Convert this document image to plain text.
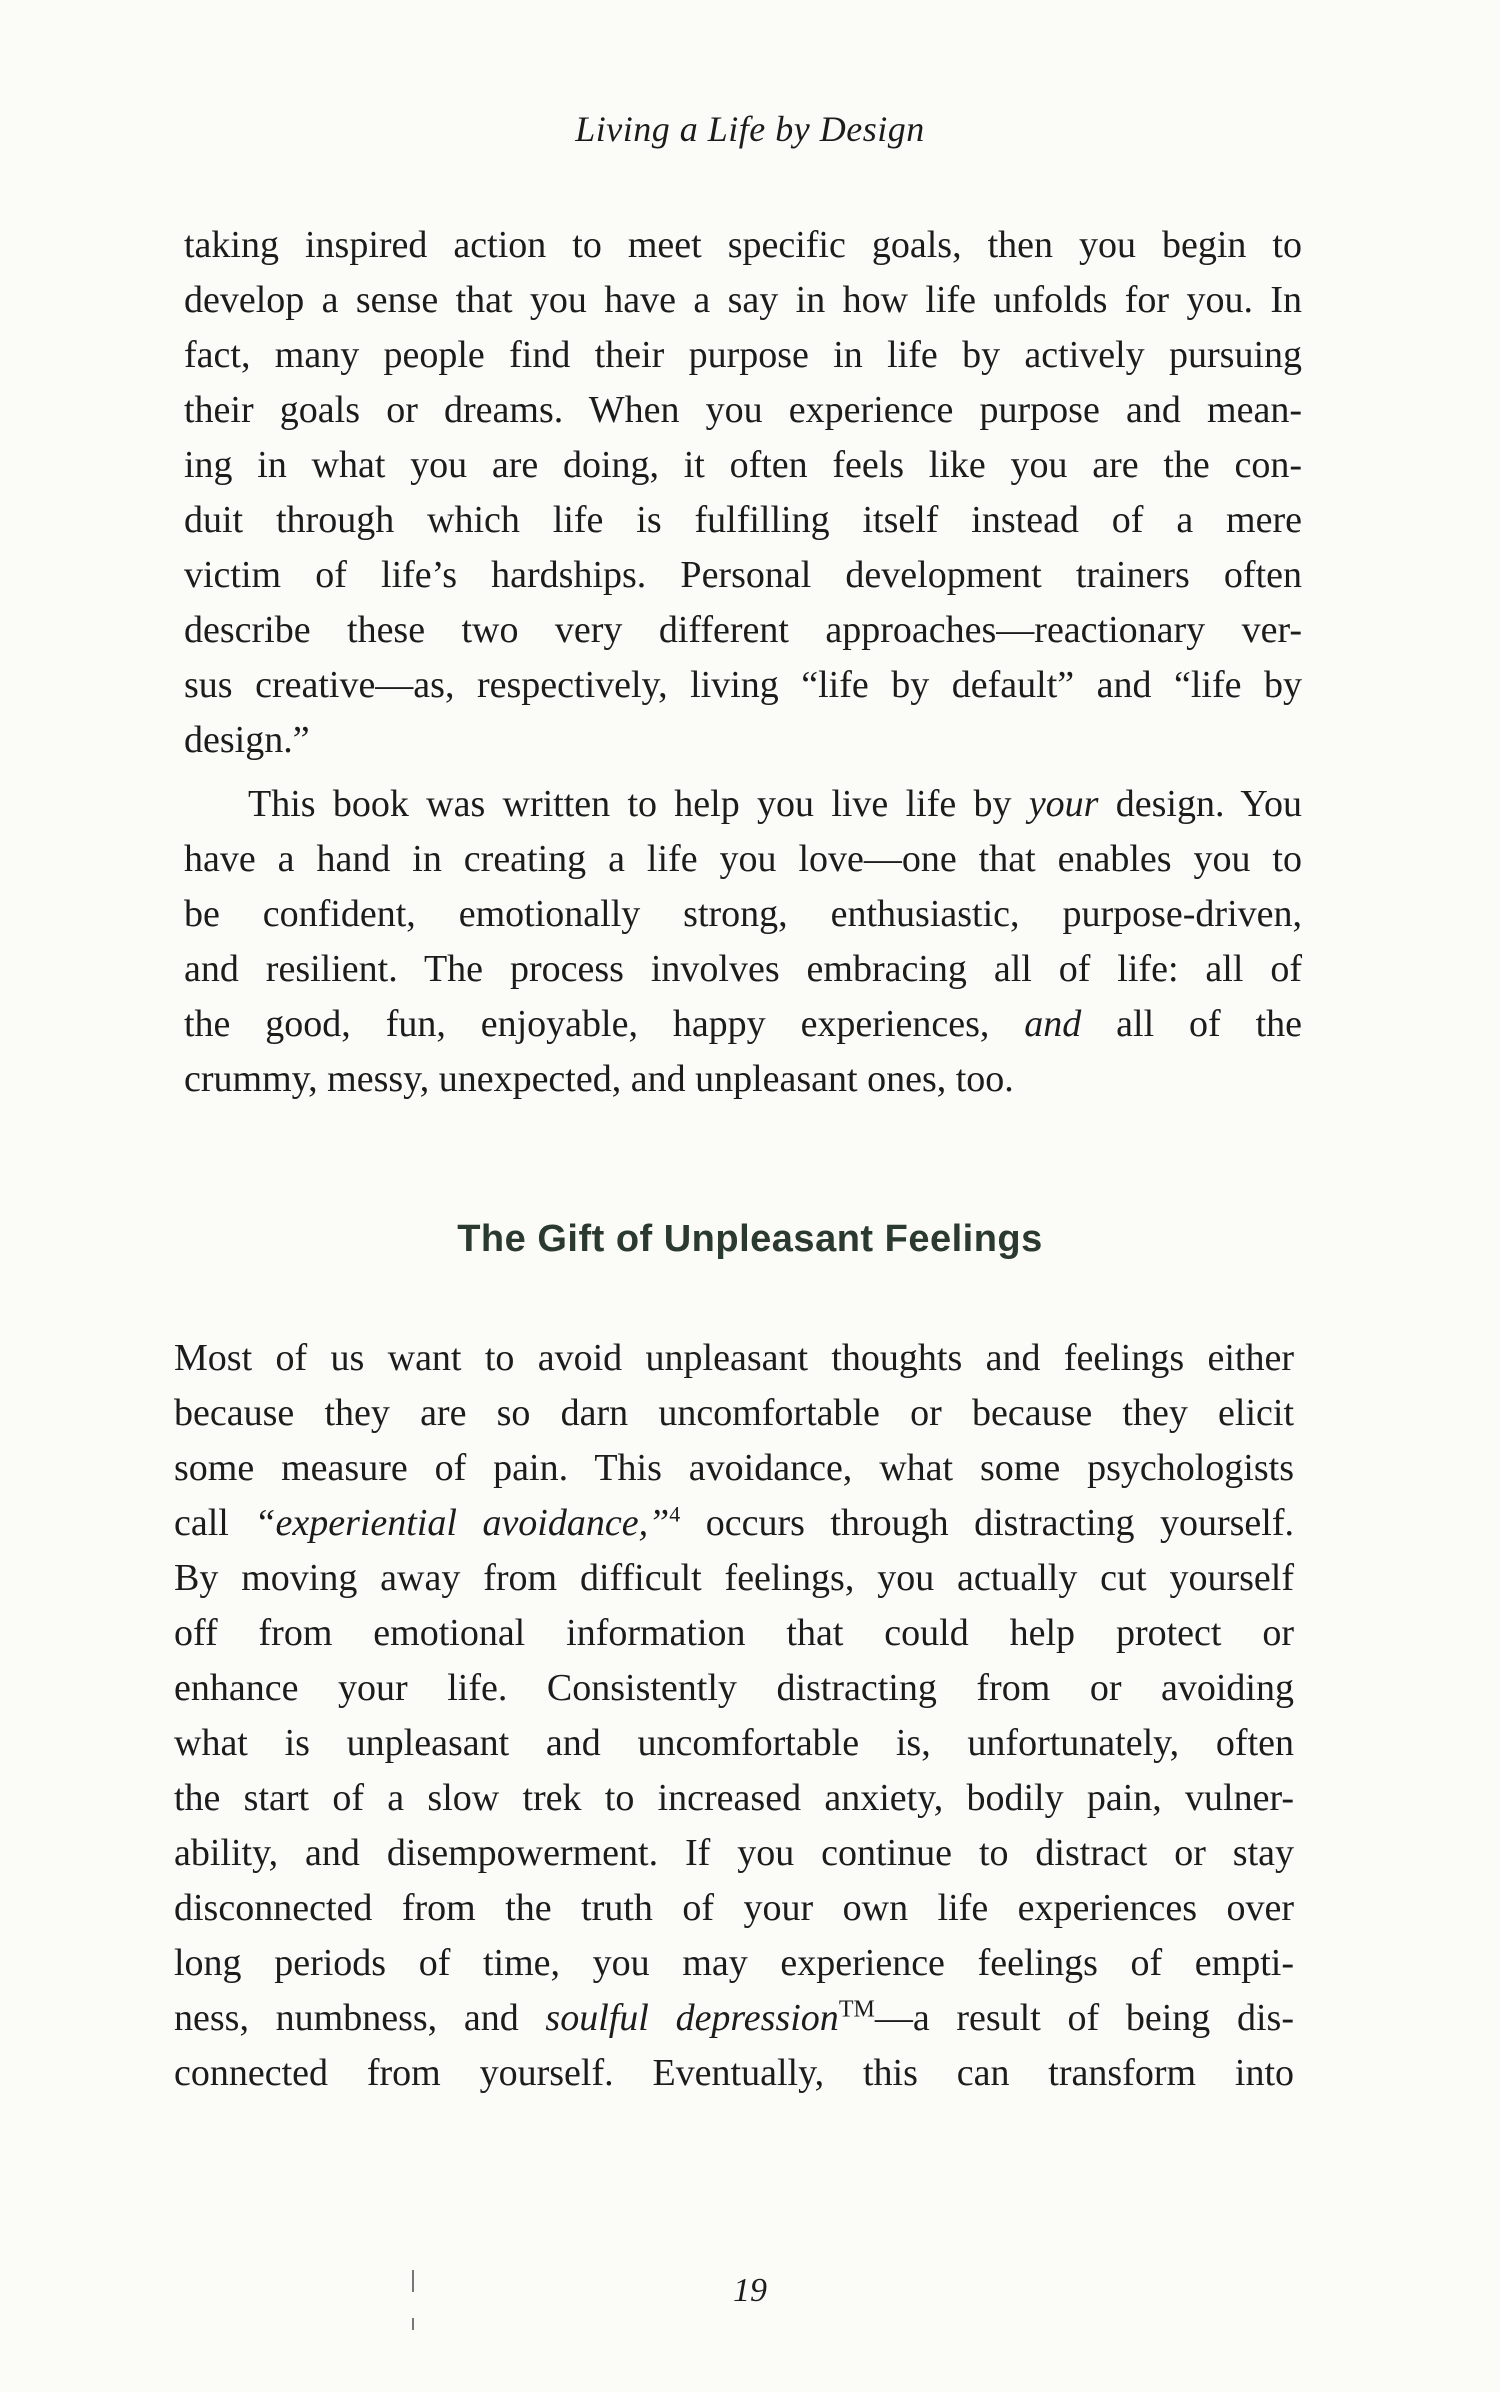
Living a Life by Design
taking inspired action to meet specific goals, then you begin to
develop a sense that you have a say in how life unfolds for you. In
fact, many people find their purpose in life by actively pursuing
their goals or dreams. When you experience purpose and mean-
ing in what you are doing, it often feels like you are the con-
duit through which life is fulfilling itself instead of a mere
victim of life’s hardships. Personal development trainers often
describe these two very different approaches—reactionary ver-
sus creative—as, respectively, living “life by default” and “life by
design.”
This book was written to help you live life by your design. You
have a hand in creating a life you love—one that enables you to
be confident, emotionally strong, enthusiastic, purpose-driven,
and resilient. The process involves embracing all of life: all of
the good, fun, enjoyable, happy experiences, and all of the
crummy, messy, unexpected, and unpleasant ones, too.
The Gift of Unpleasant Feelings
Most of us want to avoid unpleasant thoughts and feelings either
because they are so darn uncomfortable or because they elicit
some measure of pain. This avoidance, what some psychologists
call “experiential avoidance,”$^4$ occurs through distracting yourself.
By moving away from difficult feelings, you actually cut yourself
off from emotional information that could help protect or
enhance your life. Consistently distracting from or avoiding
what is unpleasant and uncomfortable is, unfortunately, often
the start of a slow trek to increased anxiety, bodily pain, vulner-
ability, and disempowerment. If you continue to distract or stay
disconnected from the truth of your own life experiences over
long periods of time, you may experience feelings of empti-
ness, numbness, and soulful depression™—a result of being dis-
connected from yourself. Eventually, this can transform into
19
